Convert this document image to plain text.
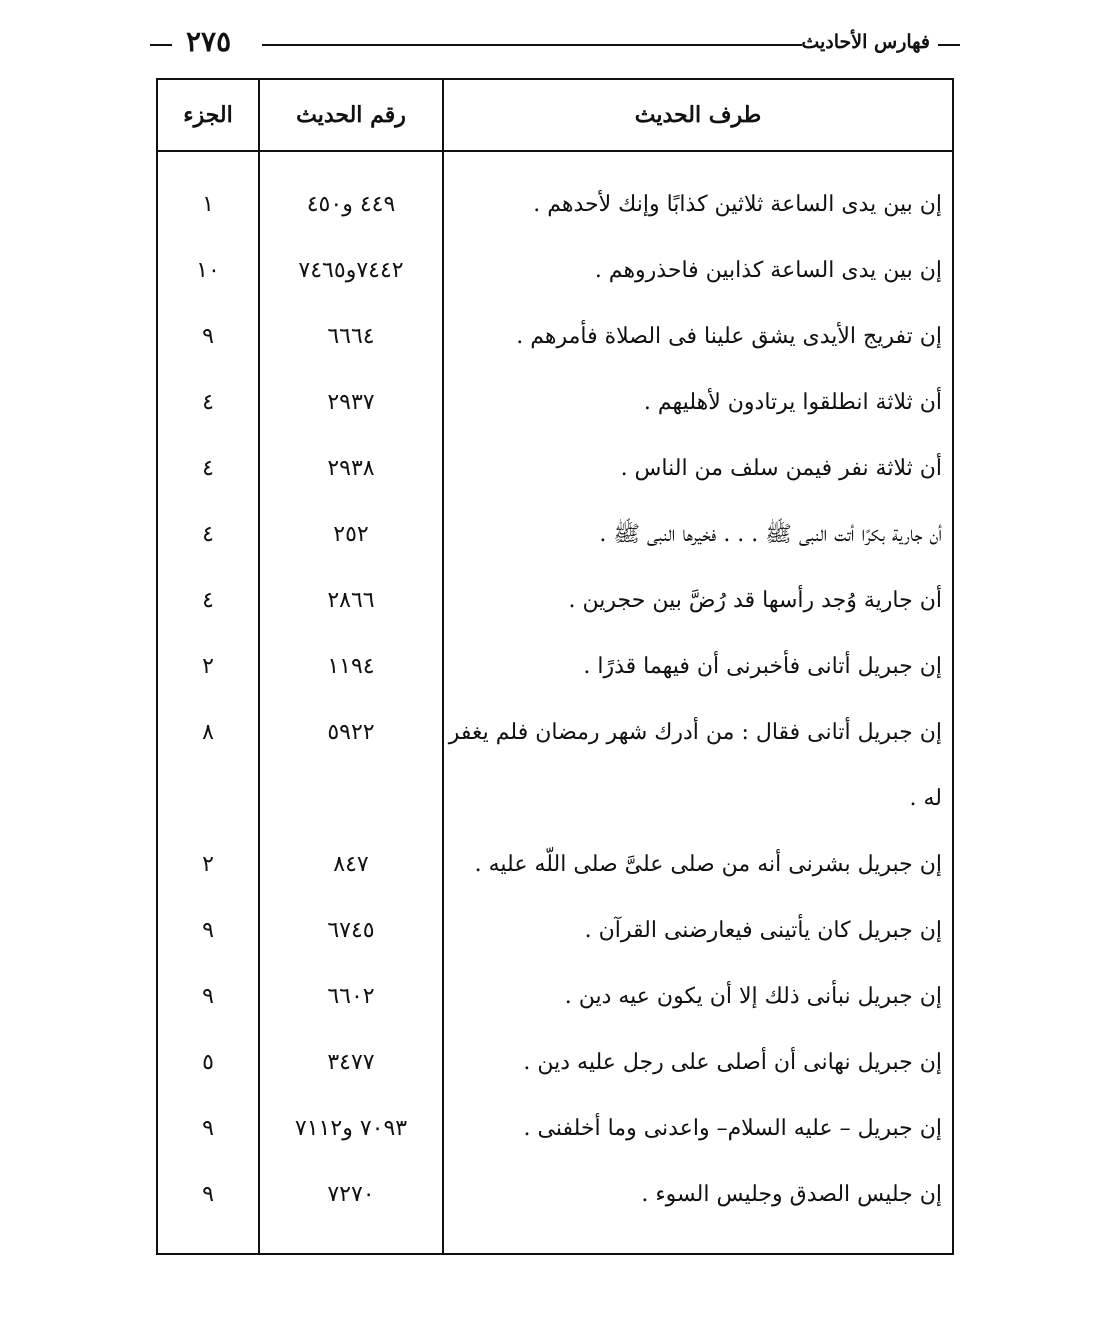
٢٧٥	فهارس الأحاديث
الجزء	رقم الحديث	طرف الحديث
١	٤٤٩ و٤٥٠	إن بين يدى الساعة ثلاثين كذابًا وإنك لأحدهم .
١٠	٧٤٤٢و٧٤٦٥	إن بين يدى الساعة كذابين فاحذروهم .
٩	٦٦٦٤	إن تفريج الأيدى يشق علينا فى الصلاة فأمرهم .
٤	٢٩٣٧	أن ثلاثة انطلقوا يرتادون لأهليهم .
٤	٢٩٣٨	أن ثلاثة نفر فيمن سلف من الناس .
٤	٢٥٢	أن جارية بكرًا أتت النبى ﷺ . . . فخيرها النبى ﷺ .
٤	٢٨٦٦	أن جارية وُجد رأسها قد رُضَّ بين حجرين .
٢	١١٩٤	إن جبريل أتانى فأخبرنى أن فيهما قذرًا .
٨	٥٩٢٢	إن جبريل أتانى فقال : من أدرك شهر رمضان فلم يغفر
له .
٢	٨٤٧	إن جبريل بشرنى أنه من صلى علىَّ صلى اللّه عليه .
٩	٦٧٤٥	إن جبريل كان يأتينى فيعارضنى القرآن .
٩	٦٦٠٢	إن جبريل نبأنى ذلك إلا أن يكون عيه دين .
٥	٣٤٧٧	إن جبريل نهانى أن أصلى على رجل عليه دين .
٩	٧٠٩٣ و٧١١٢	إن جبريل – عليه السلام– واعدنى وما أخلفنى .
٩	٧٢٧٠	إن جليس الصدق وجليس السوء .
